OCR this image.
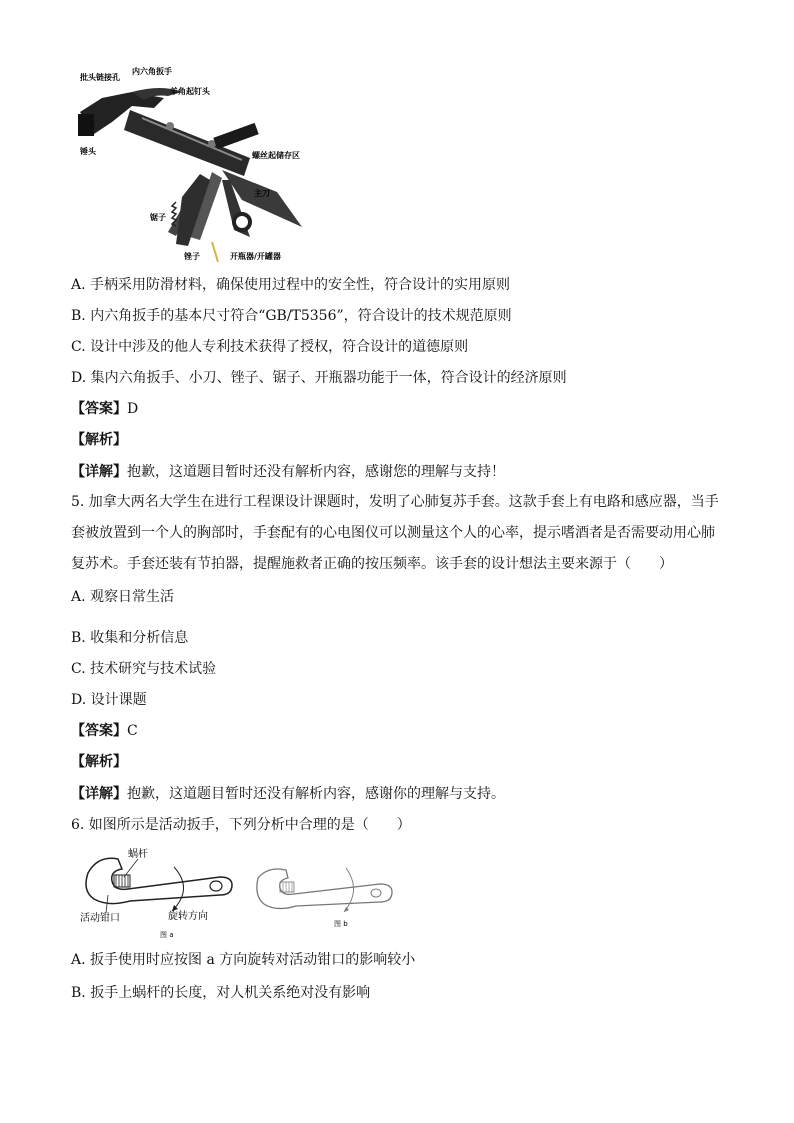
批头链接孔
内六角扳手
羊角起钉头
锤头	螺丝起储存区
主刀
锯子
锉子	开瓶器/开罐器
A. 手柄采用防滑材料，确保使用过程中的安全性，符合设计的实用原则
B. 内六角扳手的基本尺寸符合“GB/T5356”，符合设计的技术规范原则
C. 设计中涉及的他人专利技术获得了授权，符合设计的道德原则
D. 集内六角扳手、小刀、锉子、锯子、开瓶器功能于一体，符合设计的经济原则
【答案】D
【解析】
【详解】抱歉，这道题目暂时还没有解析内容，感谢您的理解与支持！
5. 加拿大两名大学生在进行工程课设计课题时，发明了心肺复苏手套。这款手套上有电路和感应器，当手套被放置到一个人的胸部时，手套配有的心电图仪可以测量这个人的心率，提示嗜酒者是否需要动用心肺复苏术。手套还装有节拍器，提醒施救者正确的按压频率。该手套的设计想法主要来源于（　　）
A. 观察日常生活
B. 收集和分析信息
C. 技术研究与技术试验
D. 设计课题
【答案】C
【解析】
【详解】抱歉，这道题目暂时还没有解析内容，感谢你的理解与支持。
6. 如图所示是活动扳手，下列分析中合理的是（　　）
蜗杆
活动钳口	旋转方向
图 a
图 b
A. 扳手使用时应按图 a 方向旋转对活动钳口的影响较小
B. 扳手上蜗杆的长度，对人机关系绝对没有影响
